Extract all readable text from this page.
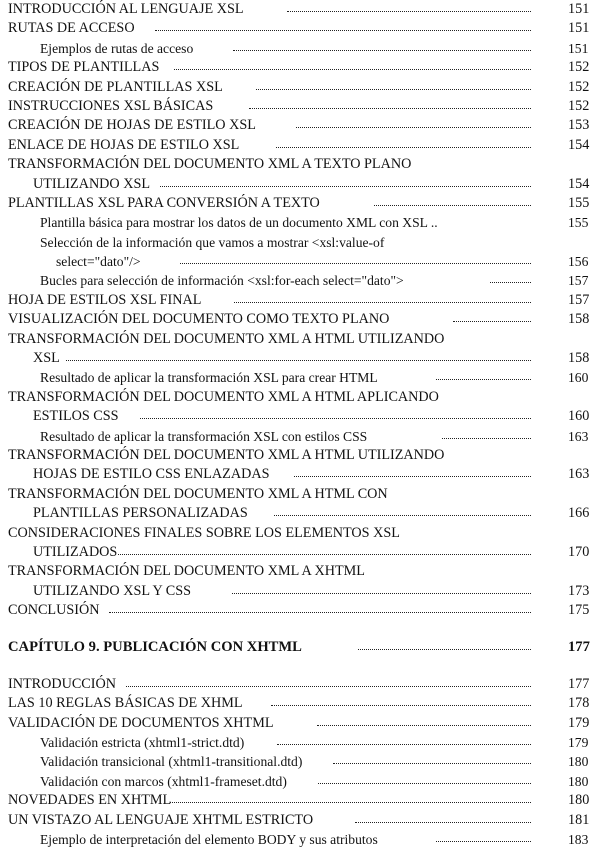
INTRODUCCIÓN AL LENGUAJE XSL	151
RUTAS DE ACCESO	151
Ejemplos de rutas de acceso	151
TIPOS DE PLANTILLAS	152
CREACIÓN DE PLANTILLAS XSL	152
INSTRUCCIONES XSL BÁSICAS	152
CREACIÓN DE HOJAS DE ESTILO XSL	153
ENLACE DE HOJAS DE ESTILO XSL	154
TRANSFORMACIÓN DEL DOCUMENTO XML A TEXTO PLANO
UTILIZANDO XSL	154
PLANTILLAS XSL PARA CONVERSIÓN A TEXTO	155
Plantilla básica para mostrar los datos de un documento XML con XSL ..	155
Selección de la información que vamos a mostrar <xsl:value-of
select="dato"/>	156
Bucles para selección de información <xsl:for-each select="dato">	157
HOJA DE ESTILOS XSL FINAL	157
VISUALIZACIÓN DEL DOCUMENTO COMO TEXTO PLANO	158
TRANSFORMACIÓN DEL DOCUMENTO XML A HTML UTILIZANDO
XSL	158
Resultado de aplicar la transformación XSL para crear HTML	160
TRANSFORMACIÓN DEL DOCUMENTO XML A HTML APLICANDO
ESTILOS CSS	160
Resultado de aplicar la transformación XSL con estilos CSS	163
TRANSFORMACIÓN DEL DOCUMENTO XML A HTML UTILIZANDO
HOJAS DE ESTILO CSS ENLAZADAS	163
TRANSFORMACIÓN DEL DOCUMENTO XML A HTML CON
PLANTILLAS PERSONALIZADAS	166
CONSIDERACIONES FINALES SOBRE LOS ELEMENTOS XSL
UTILIZADOS	170
TRANSFORMACIÓN DEL DOCUMENTO XML A XHTML
UTILIZANDO XSL Y CSS	173
CONCLUSIÓN	175
CAPÍTULO 9. PUBLICACIÓN CON XHTML	177
INTRODUCCIÓN	177
LAS 10 REGLAS BÁSICAS DE XHML	178
VALIDACIÓN DE DOCUMENTOS XHTML	179
Validación estricta (xhtml1-strict.dtd)	179
Validación transicional (xhtml1-transitional.dtd)	180
Validación con marcos (xhtml1-frameset.dtd)	180
NOVEDADES EN XHTML	180
UN VISTAZO AL LENGUAJE XHTML ESTRICTO	181
Ejemplo de interpretación del elemento BODY y sus atributos	183
